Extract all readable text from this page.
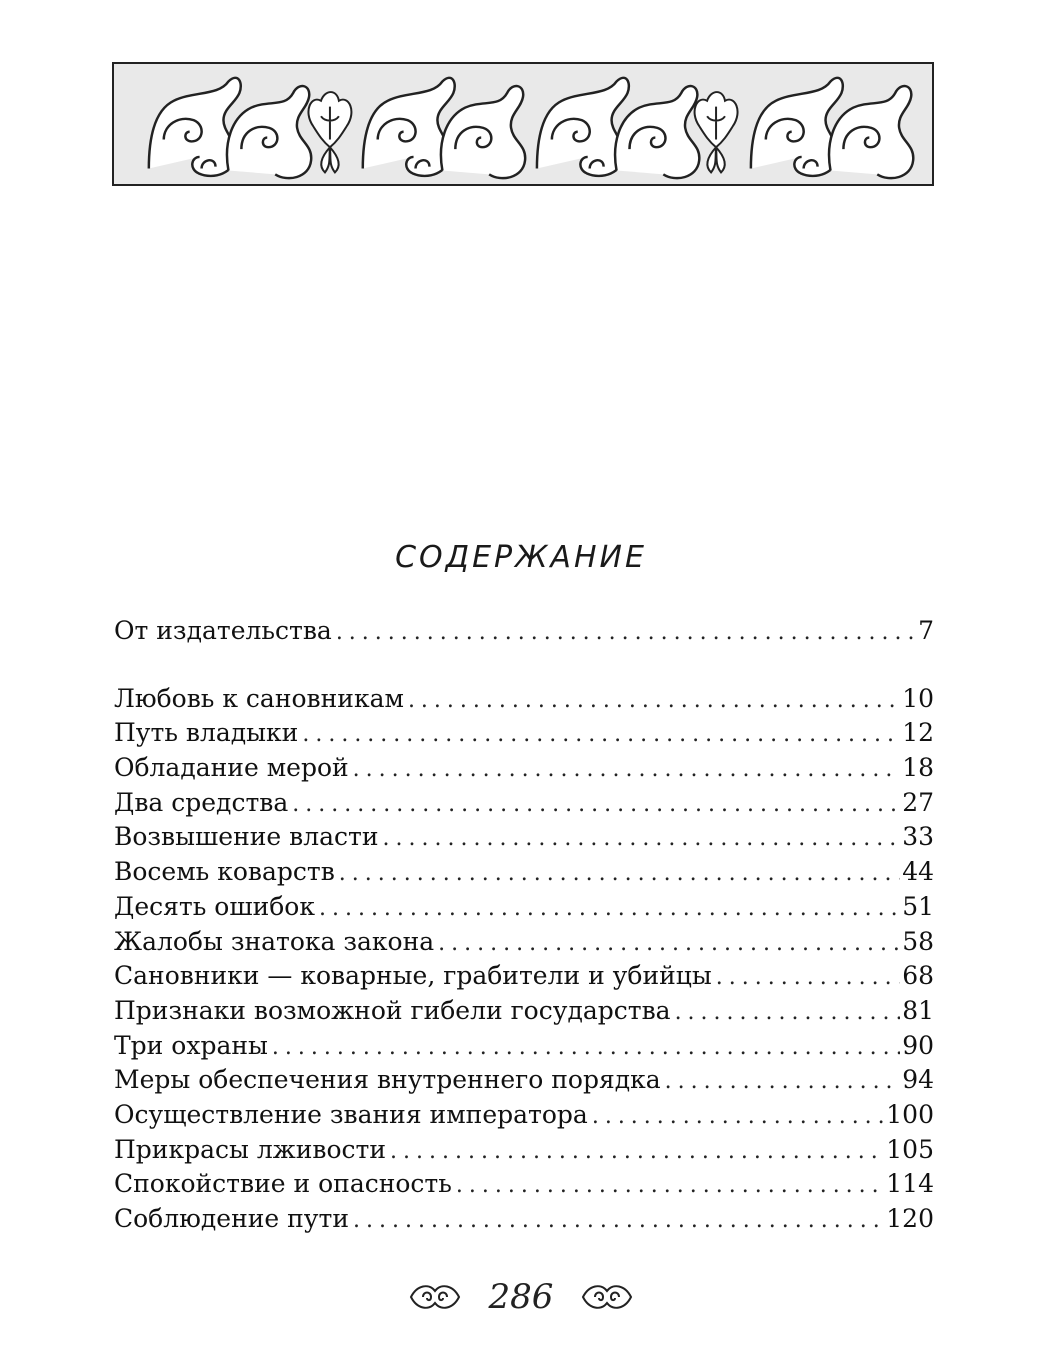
СОДЕРЖАНИЕ
От издательства .....	7
Любовь к сановникам .....	10
Путь владыки .....	12
Обладание мерой .....	18
Два средства .....	27
Возвышение власти .....	33
Восемь коварств .....	44
Десять ошибок .....	51
Жалобы знатока закона .....	58
Сановники — коварные, грабители и убийцы .....	68
Признаки возможной гибели государства .....	81
Три охраны .....	90
Меры обеспечения внутреннего порядка .....	94
Осуществление звания императора .....	100
Прикрасы лживости .....	105
Спокойствие и опасность .....	114
Соблюдение пути .....	120
286
